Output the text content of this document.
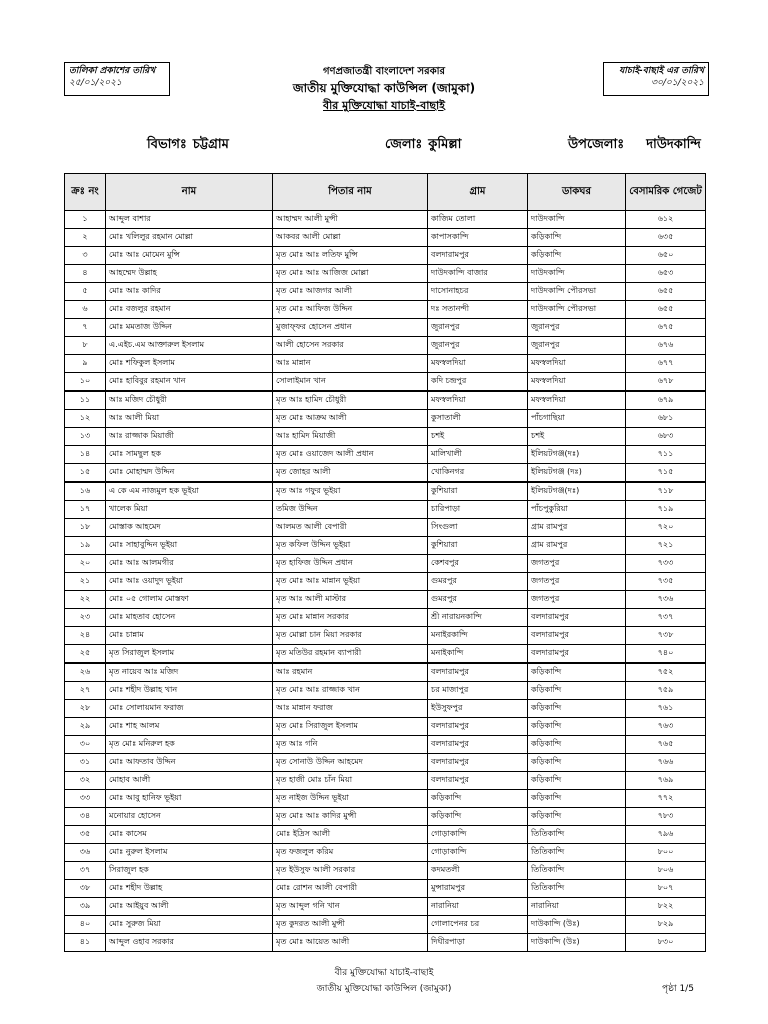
তালিকা প্রকাশের তারিখ
২৫/০১/২০২১
যাচাই-বাছাই এর তারিখ
৩০/০১/২০২১
গণপ্রজাতন্ত্রী বাংলাদেশ সরকার
জাতীয় মুক্তিযোদ্ধা কাউন্সিল (জামুকা)
বীর মুক্তিযোদ্ধা যাচাই-বাছাই
বিভাগঃ চট্টগ্রাম	জেলাঃ কুমিল্লা	উপজেলাঃ দাউদকান্দি
ক্রঃ নং	নাম	পিতার নাম	গ্রাম	ডাকঘর	বেসামরিক গেজেট
১	আব্দুল বাশার	আহাম্মদ আলী মুন্সী	কাজিম তোলা	দাউদকান্দি	৬১২
২	মোঃ খলিলুর রহমান মোল্লা	আকবর আলী মোল্লা	কাপাসকান্দি	কড়িকান্দি	৬৩৫
৩	মোঃ আঃ মোমেন মুন্সি	মৃত মোঃ আঃ লতিফ মুন্সি	বলদারামপুর	কড়িকান্দি	৬৫০
৪	আহম্মেদ উল্লাহ	মৃত মোঃ আঃ আজিজ মোল্লা	দাউদকান্দি বাজার	দাউদকান্দি	৬৫৩
৫	মোঃ আঃ কাদির	মৃত মোঃ আজগর আলী	দাসোনাহচর	দাউদকান্দি পৌরসভা	৬৫৫
৬	মোঃ বজলুর রহমান	মৃত মোঃ আফিজ উদ্দিন	দঃ সতানন্দী	দাউদকান্দি পৌরসভা	৬৫৫
৭	মোঃ মমতাজ উদ্দিন	মুজাফ্ফর হোসেন প্রধান	জুরানপুর	জুরানপুর	৬৭৫
৮	এ.এইচ.এম আক্তারুল ইসলাম	আলী হোসেন সরকার	জুরানপুর	জুরানপুর	৬৭৬
৯	মোঃ শফিকুল ইসলাম	আঃ মান্নান	মফস্বলদিয়া	মফস্বলদিয়া	৬৭৭
১০	মোঃ হাবিবুর রহমান খান	সোলাইমান খান	কদি চন্দ্রপুর	মফস্বলদিয়া	৬৭৮
১১	আঃ মজিদ চৌধুরী	মৃত আঃ হামিদ চৌধুরী	মফস্বলদিয়া	মফস্বলদিয়া	৬৭৯
১২	আঃ আলী মিয়া	মৃত মোঃ আক্রম আলী	কুসাতালী	পাঁচগাছিয়া	৬৮১
১৩	আঃ রাজ্জাক মিয়াজী	আঃ হামিদ মিয়াজী	চশই	চশই	৬৮৩
১৪	মোঃ সামছুল হক	মৃত মোঃ ওয়াজেদ আলী প্রধান	মালিখালী	ইলিয়টগঞ্জ(দঃ)	৭১১
১৫	মোঃ মোহাম্মদ উদ্দিন	মৃত জোহর আলী	খোকিনগর	ইলিয়টগঞ্জ (দঃ)	৭১৫
১৬	এ কে এম নাজমুল হক ভূইয়া	মৃত আঃ গফুর ভূইয়া	কুশিয়ারা	ইলিয়টগঞ্জ(দঃ)	৭১৮
১৭	খালেক মিয়া	তমিজ উদ্দিন	চারিপাড়া	পাঁচপুকুরিয়া	৭১৯
১৮	মোস্তাক আহমেদ	আলমত আলী বেপারী	সিংগুলা	গ্রাম রামপুর	৭২০
১৯	মোঃ সাহাবুদ্দিন ভূইয়া	মৃত কফিল উদ্দিন ভূইয়া	কুশিয়ারা	গ্রাম রামপুর	৭২১
২০	মোঃ আঃ আলমগীর	মৃত হাফিজ উদ্দিন প্রধান	কেশবপুর	জগতপুর	৭৩৩
২১	মোঃ আঃ ওয়াদুদ ভূইয়া	মৃত মোঃ আঃ মান্নান ভূইয়া	গুমরপুর	জগতপুর	৭৩৫
২২	মোঃ ০৫ গোলাম মোস্তফা	মৃত আঃ আলী মাস্টার	গুমরপুর	জগতপুর	৭৩৬
২৩	মোঃ মাহতাব হোসেন	মৃত মোঃ মান্নান সরকার	শ্রী নারায়নকান্দি	বলদারামপুর	৭৩৭
২৪	মোঃ চান্নাম	মৃত মোল্লা চান মিয়া সরকার	মনাইরকান্দি	বলদারামপুর	৭৩৮
২৫	মৃত সিরাজুল ইসলাম	মৃত মতিউর রহমান ব্যাপারী	মনাইকান্দি	বলদারামপুর	৭৪০
২৬	মৃত নায়েব আঃ মজিদ	আঃ রহমান	বলদারামপুর	কড়িকান্দি	৭৫২
২৭	মোঃ শহীদ উল্লাহ খান	মৃত মোঃ আঃ রাজ্জাক খান	চর মাজাপুর	কড়িকান্দি	৭৫৯
২৮	মোঃ সোলায়মান ফরাজ	আঃ মান্নান ফরাজ	ইউসুফপুর	কড়িকান্দি	৭৬১
২৯	মোঃ শাহ আলম	মৃত মোঃ সিরাজুল ইসলাম	বলদারামপুর	কড়িকান্দি	৭৬৩
৩০	মৃত মোঃ মনিরুল হক	মৃত আঃ গনি	বলদারামপুর	কড়িকান্দি	৭৬৫
৩১	মোঃ আফতাব উদ্দিন	মৃত সোনাউ উদ্দিন আহমেদ	বলদারামপুর	কড়িকান্দি	৭৬৬
৩২	মোহাব আলী	মৃত হাজী মোঃ চাঁন মিয়া	বলদারামপুর	কড়িকান্দি	৭৬৯
৩৩	মোঃ আবু হানিফ ভূইয়া	মৃত নাইজ উদ্দিন ভূইয়া	কড়িকান্দি	কড়িকান্দি	৭৭২
৩৪	মনোয়ার হোসেন	মৃত মোঃ আঃ কাদির মুন্সী	কড়িকান্দি	কড়িকান্দি	৭৮৩
৩৫	মোঃ কাসেম	মোঃ ইদ্রিস আলী	গোড়াকান্দি	তিতিকান্দি	৭৯৬
৩৬	মোঃ নুরুল ইসলাম	মৃত ফজলুল করিম	গোড়াকান্দি	তিতিকান্দি	৮০০
৩৭	সিরাজুল হক	মৃত ইউসুফ আলী সরকার	কদমতলী	তিতিকান্দি	৮০৬
৩৮	মোঃ শহীদ উল্লাহ	মোঃ রোশন আলী বেপারী	মুন্সারামপুর	তিতিকান্দি	৮০৭
৩৯	মোঃ আইয়ুব আলী	মৃত আব্দুল গনি খান	নারানিয়া	নারানিয়া	৮২২
৪০	মোঃ সুরুজ মিয়া	মৃত কুদরত আলী মুন্সী	গোলাপেনর চর	দাউকান্দি (উঃ)	৮২৯
৪১	আব্দুল ওহাব সরকার	মৃত মোঃ আয়েত আলী	দিঘীরপাড়া	দাউকান্দি (উঃ)	৮৩০
বীর মুক্তিযোদ্ধা যাচাই-বাছাই
জাতীয় মুক্তিযোদ্ধা কাউন্সিল (জামুকা)	পৃষ্ঠা 1/5
